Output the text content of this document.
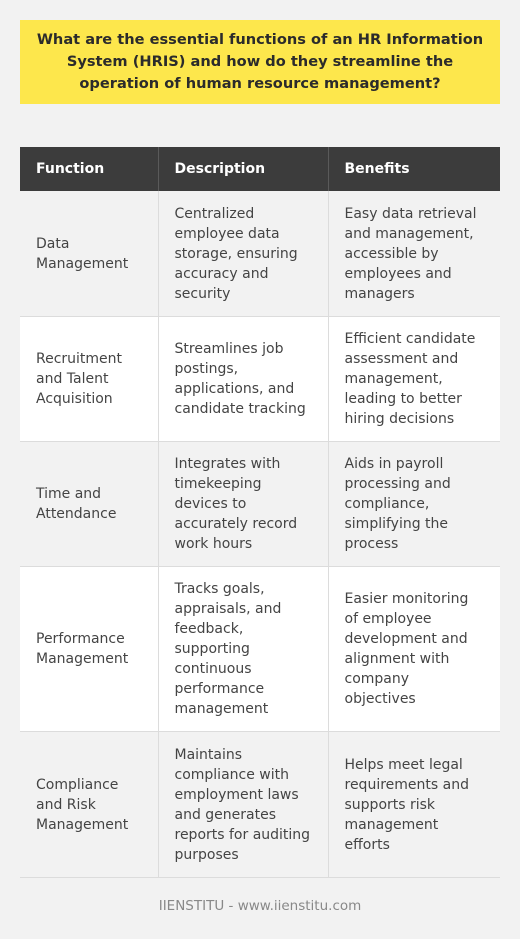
What are the essential functions of an HR Information System (HRIS) and how do they streamline the operation of human resource management?
Function	Description	Benefits
Data Management	Centralized employee data storage, ensuring accuracy and security	Easy data retrieval and management, accessible by employees and managers
Recruitment and Talent Acquisition	Streamlines job postings, applications, and candidate tracking	Efficient candidate assessment and management, leading to better hiring decisions
Time and Attendance	Integrates with timekeeping devices to accurately record work hours	Aids in payroll processing and compliance, simplifying the process
Performance Management	Tracks goals, appraisals, and feedback, supporting continuous performance management	Easier monitoring of employee development and alignment with company objectives
Compliance and Risk Management	Maintains compliance with employment laws and generates reports for auditing purposes	Helps meet legal requirements and supports risk management efforts
IIENSTITU - www.iienstitu.com
